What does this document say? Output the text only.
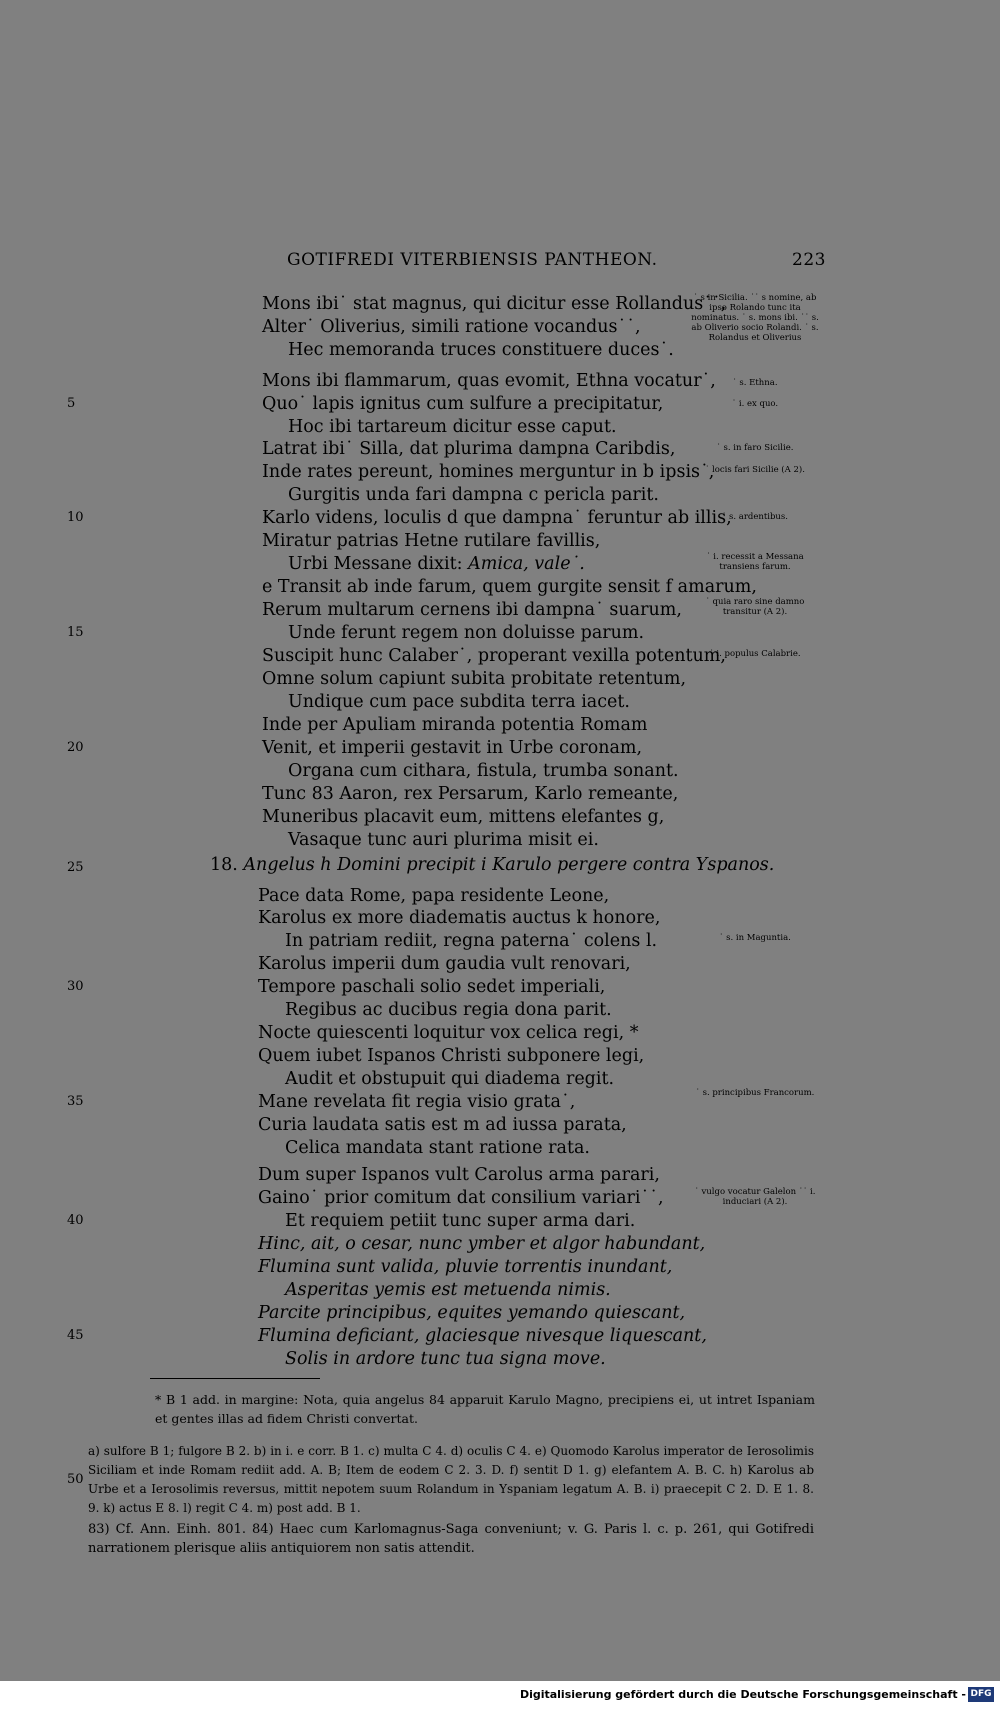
GOTIFREDI VITERBIENSIS PANTHEON.	223
Mons ibi˙ stat magnus, qui dicitur esse Rollandus˙˙,
Alter˙ Oliverius, simili ratione vocandus˙˙,
Hec memoranda truces constituere duces˙.
Mons ibi flammarum, quas evomit, Ethna vocatur˙,
Quo˙ lapis ignitus cum sulfure a precipitatur,
Hoc ibi tartareum dicitur esse caput.
Latrat ibi˙ Silla, dat plurima dampna Caribdis,
Inde rates pereunt, homines merguntur in b ipsis˙,
Gurgitis unda fari dampna c pericla parit.
Karlo videns, loculis d que dampna˙ feruntur ab illis,
Miratur patrias Hetne rutilare favillis,
Urbi Messane dixit: Amica, vale˙.
e Transit ab inde farum, quem gurgite sensit f amarum,
Rerum multarum cernens ibi dampna˙ suarum,
Unde ferunt regem non doluisse parum.
Suscipit hunc Calaber˙, properant vexilla potentum,
Omne solum capiunt subita probitate retentum,
Undique cum pace subdita terra iacet.
Inde per Apuliam miranda potentia Romam
Venit, et imperii gestavit in Urbe coronam,
Organa cum cithara, fistula, trumba sonant.
Tunc 83 Aaron, rex Persarum, Karlo remeante,
Muneribus placavit eum, mittens elefantes g,
Vasaque tunc auri plurima misit ei.
18. Angelus h Domini precipit i Karulo pergere contra Yspanos.
Pace data Rome, papa residente Leone,
Karolus ex more diadematis auctus k honore,
In patriam rediit, regna paterna˙ colens l.
Karolus imperii dum gaudia vult renovari,
Tempore paschali solio sedet imperiali,
Regibus ac ducibus regia dona parit.
Nocte quiescenti loquitur vox celica regi, *
Quem iubet Ispanos Christi subponere legi,
Audit et obstupuit qui diadema regit.
Mane revelata fit regia visio grata˙,
Curia laudata satis est m ad iussa parata,
Celica mandata stant ratione rata.
Dum super Ispanos vult Carolus arma parari,
Gaino˙ prior comitum dat consilium variari˙˙,
Et requiem petiit tunc super arma dari.
Hinc, ait, o cesar, nunc ymber et algor habundant,
Flumina sunt valida, pluvie torrentis inundant,
Asperitas yemis est metuenda nimis.
Parcite principibus, equites yemando quiescant,
Flumina deficiant, glaciesque nivesque liquescant,
Solis in ardore tunc tua signa move.
5
10
15
20
25
30
35
40
45
50
˙ s in Sicilia. ˙˙ s nomine, ab ipso Rolando tunc ita nominatus. ˙ s. mons ibi. ˙˙ s. ab Oliverio socio Rolandi. ˙ s. Rolandus et Oliverius
˙ s. Ethna.
˙ i. ex quo.
˙ s. in faro Sicilie.
˙ locis fari Sicilie (A 2).
˙ s. ardentibus.
˙ i. recessit a Messana transiens farum.
˙ quia raro sine damno transitur (A 2).
˙ i. populus Calabrie.
˙ s. in Maguntia.
˙ s. principibus Francorum.
˙ vulgo vocatur Galelon ˙˙ i. induciari (A 2).
* B 1 add. in margine: Nota, quia angelus 84 apparuit Karulo Magno, precipiens ei, ut intret Ispaniam et gentes illas ad fidem Christi convertat.
a) sulfore B 1; fulgore B 2. b) in i. e corr. B 1. c) multa C 4. d) oculis C 4. e) Quomodo Karolus imperator de Ierosolimis Siciliam et inde Romam rediit add. A. B; Item de eodem C 2. 3. D. f) sentit D 1. g) elefantem A. B. C. h) Karolus ab Urbe et a Ierosolimis reversus, mittit nepotem suum Rolandum in Yspaniam legatum A. B. i) praecepit C 2. D. E 1. 8. 9. k) actus E 8. l) regit C 4. m) post add. B 1.
83) Cf. Ann. Einh. 801. 84) Haec cum Karlomagnus-Saga conveniunt; v. G. Paris l. c. p. 261, qui Gotifredi narrationem plerisque aliis antiquiorem non satis attendit.
Digitalisierung gefördert durch die Deutsche Forschungsgemeinschaft - DFG
